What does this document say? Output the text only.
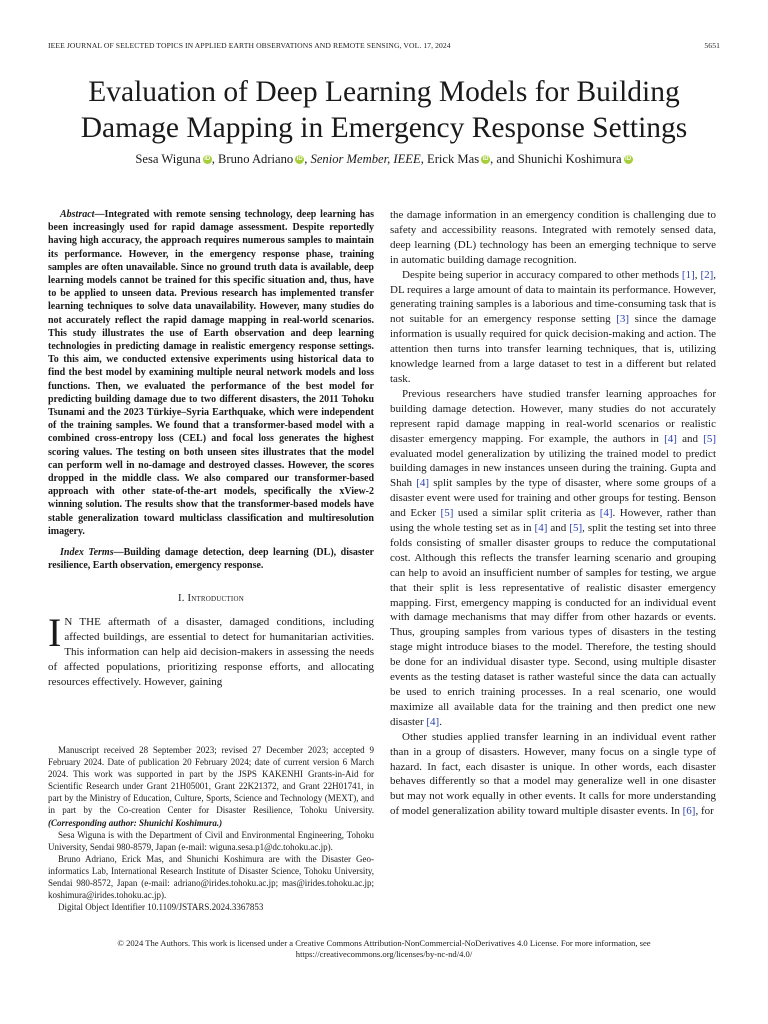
IEEE JOURNAL OF SELECTED TOPICS IN APPLIED EARTH OBSERVATIONS AND REMOTE SENSING, VOL. 17, 2024	5651
Evaluation of Deep Learning Models for Building
Damage Mapping in Emergency Response Settings
Sesa Wiguna iD , Bruno Adriano iD , Senior Member, IEEE, Erick Mas iD , and Shunichi Koshimura iD

Abstract—Integrated with remote sensing technology, deep learning has been increasingly used for rapid damage assessment. Despite reportedly having high accuracy, the approach requires numerous samples to maintain its performance. However, in the emergency response phase, training samples are often unavailable. Since no ground truth data is available, deep learning models cannot be trained for this specific situation and, thus, have to be applied to unseen data. Previous research has implemented transfer learning techniques to solve data unavailability. However, many studies do not accurately reflect the rapid damage mapping in real-world scenarios. This study illustrates the use of Earth observation and deep learning technologies in predicting damage in realistic emergency response settings. To this aim, we conducted extensive experiments using historical data to find the best model by examining multiple neural network models and loss functions. Then, we evaluated the performance of the best model for predicting building damage due to two different disasters, the 2011 Tohoku Tsunami and the 2023 Türkiye–Syria Earthquake, which were independent of the training samples. We found that a transformer-based model with a combined cross-entropy loss (CEL) and focal loss generates the highest scoring values. The testing on both unseen sites illustrates that the model can perform well in no-damage and destroyed classes. However, the scores dropped in the middle class. We also compared our transformer-based approach with other state-of-the-art models, specifically the xView-2 winning solution. The results show that the transformer-based models have stable generalization toward multiclass classification and multiresolution imagery.

Index Terms—Building damage detection, deep learning (DL), disaster resilience, Earth observation, emergency response.

I. Introduction

I N THE aftermath of a disaster, damaged conditions, including affected buildings, are essential to detect for humanitarian activities. This information can help aid decision-makers in assessing the needs of affected populations, prioritizing response efforts, and allocating resources effectively. However, gaining

Manuscript received 28 September 2023; revised 27 December 2023; accepted 9 February 2024. Date of publication 20 February 2024; date of current version 6 March 2024. This work was supported in part by the JSPS KAKENHI Grants-in-Aid for Scientific Research under Grant 21H05001, Grant 22K21372, and Grant 22H01741, in part by the Ministry of Education, Culture, Sports, Science and Technology (MEXT), and in part by the Co-creation Center for Disaster Resilience, Tohoku University. (Corresponding author: Shunichi Koshimura.)

Sesa Wiguna is with the Department of Civil and Environmental Engineering, Tohoku University, Sendai 980-8579, Japan (e-mail: wiguna.sesa.p1@dc.tohoku.ac.jp).

Bruno Adriano, Erick Mas, and Shunichi Koshimura are with the Disaster Geo-informatics Lab, International Research Institute of Disaster Science, Tohoku University, Sendai 980-8572, Japan (e-mail: adriano@irides.tohoku.ac.jp; mas@irides.tohoku.ac.jp; koshimura@irides.tohoku.ac.jp).

Digital Object Identifier 10.1109/JSTARS.2024.3367853

the damage information in an emergency condition is challenging due to safety and accessibility reasons. Integrated with remotely sensed data, deep learning (DL) technology has been an emerging technique to serve in automatic building damage recognition.

Despite being superior in accuracy compared to other methods [1], [2], DL requires a large amount of data to maintain its performance. However, generating training samples is a laborious and time-consuming task that is not suitable for an emergency response setting [3] since the damage information is usually required for quick decision-making and action. The attention then turns into transfer learning techniques, that is, utilizing knowledge learned from a large dataset to test in a different but related task.

Previous researchers have studied transfer learning approaches for building damage detection. However, many studies do not accurately represent rapid damage mapping in real-world scenarios or realistic disaster emergency mapping. For example, the authors in [4] and [5] evaluated model generalization by utilizing the trained model to predict building damages in new instances unseen during the training. Gupta and Shah [4] split samples by the type of disaster, where some groups of a disaster event were used for training and other groups for testing. Benson and Ecker [5] used a similar split criteria as [4]. However, rather than using the whole testing set as in [4] and [5], split the testing set into three folds consisting of smaller disaster groups to reduce the computational cost. Although this reflects the transfer learning scenario and grouping can help to avoid an insufficient number of samples for testing, we argue that their split is less representative of realistic disaster emergency mapping. First, emergency mapping is conducted for an individual event with damage mechanisms that may differ from other hazards or events. Thus, grouping samples from various types of disasters in the testing stage might introduce biases to the model. Therefore, the testing should be done for an individual disaster type. Second, using multiple disaster events as the testing dataset is rather wasteful since the data can actually be used to enrich training processes. In a real scenario, one would maximize all available data for the training and then predict one new disaster [4].

Other studies applied transfer learning in an individual event rather than in a group of disasters. However, many focus on a single type of hazard. In fact, each disaster is unique. In other words, each disaster behaves differently so that a model may generalize well in one disaster but may not work equally in other events. It calls for more understanding of model generalization ability toward multiple disaster events. In [6], for

© 2024 The Authors. This work is licensed under a Creative Commons Attribution-NonCommercial-NoDerivatives 4.0 License. For more information, see
https://creativecommons.org/licenses/by-nc-nd/4.0/
